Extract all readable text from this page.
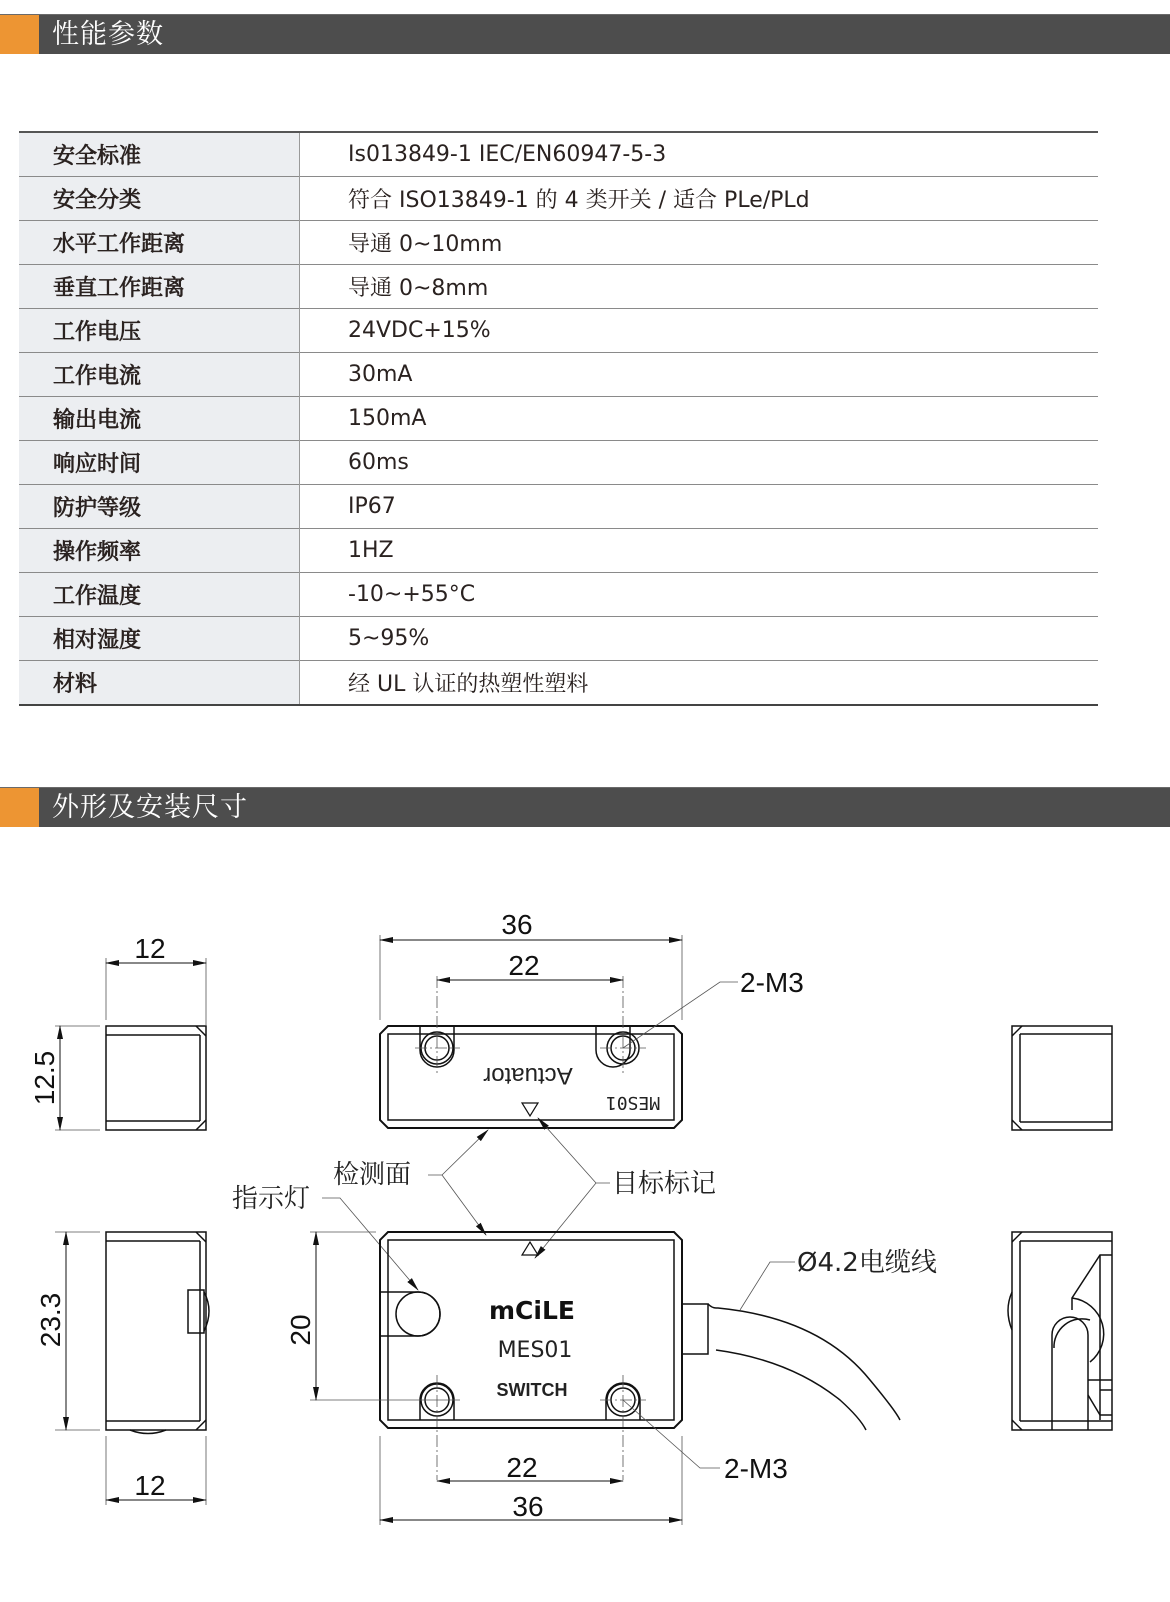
性能参数
安全标准	Is013849-1 IEC/EN60947-5-3
安全分类	符合 ISO13849-1 的 4 类开关 / 适合 PLe/PLd
水平工作距离	导通 0~10mm
垂直工作距离	导通 0~8mm
工作电压	24VDC+15%
工作电流	30mA
输出电流	150mA
响应时间	60ms
防护等级	IP67
操作频率	1HZ
工作温度	-10~+55°C
相对湿度	5~95%
材料	经 UL 认证的热塑性塑料
外形及安装尺寸
12
12.5
36
22
2-M3
Actuator
MES01
检测面	目标标记
指示灯
23.3
12
20
22
36
2-M3
mCiLE
MES01
SWITCH
Ø4.2电缆线
